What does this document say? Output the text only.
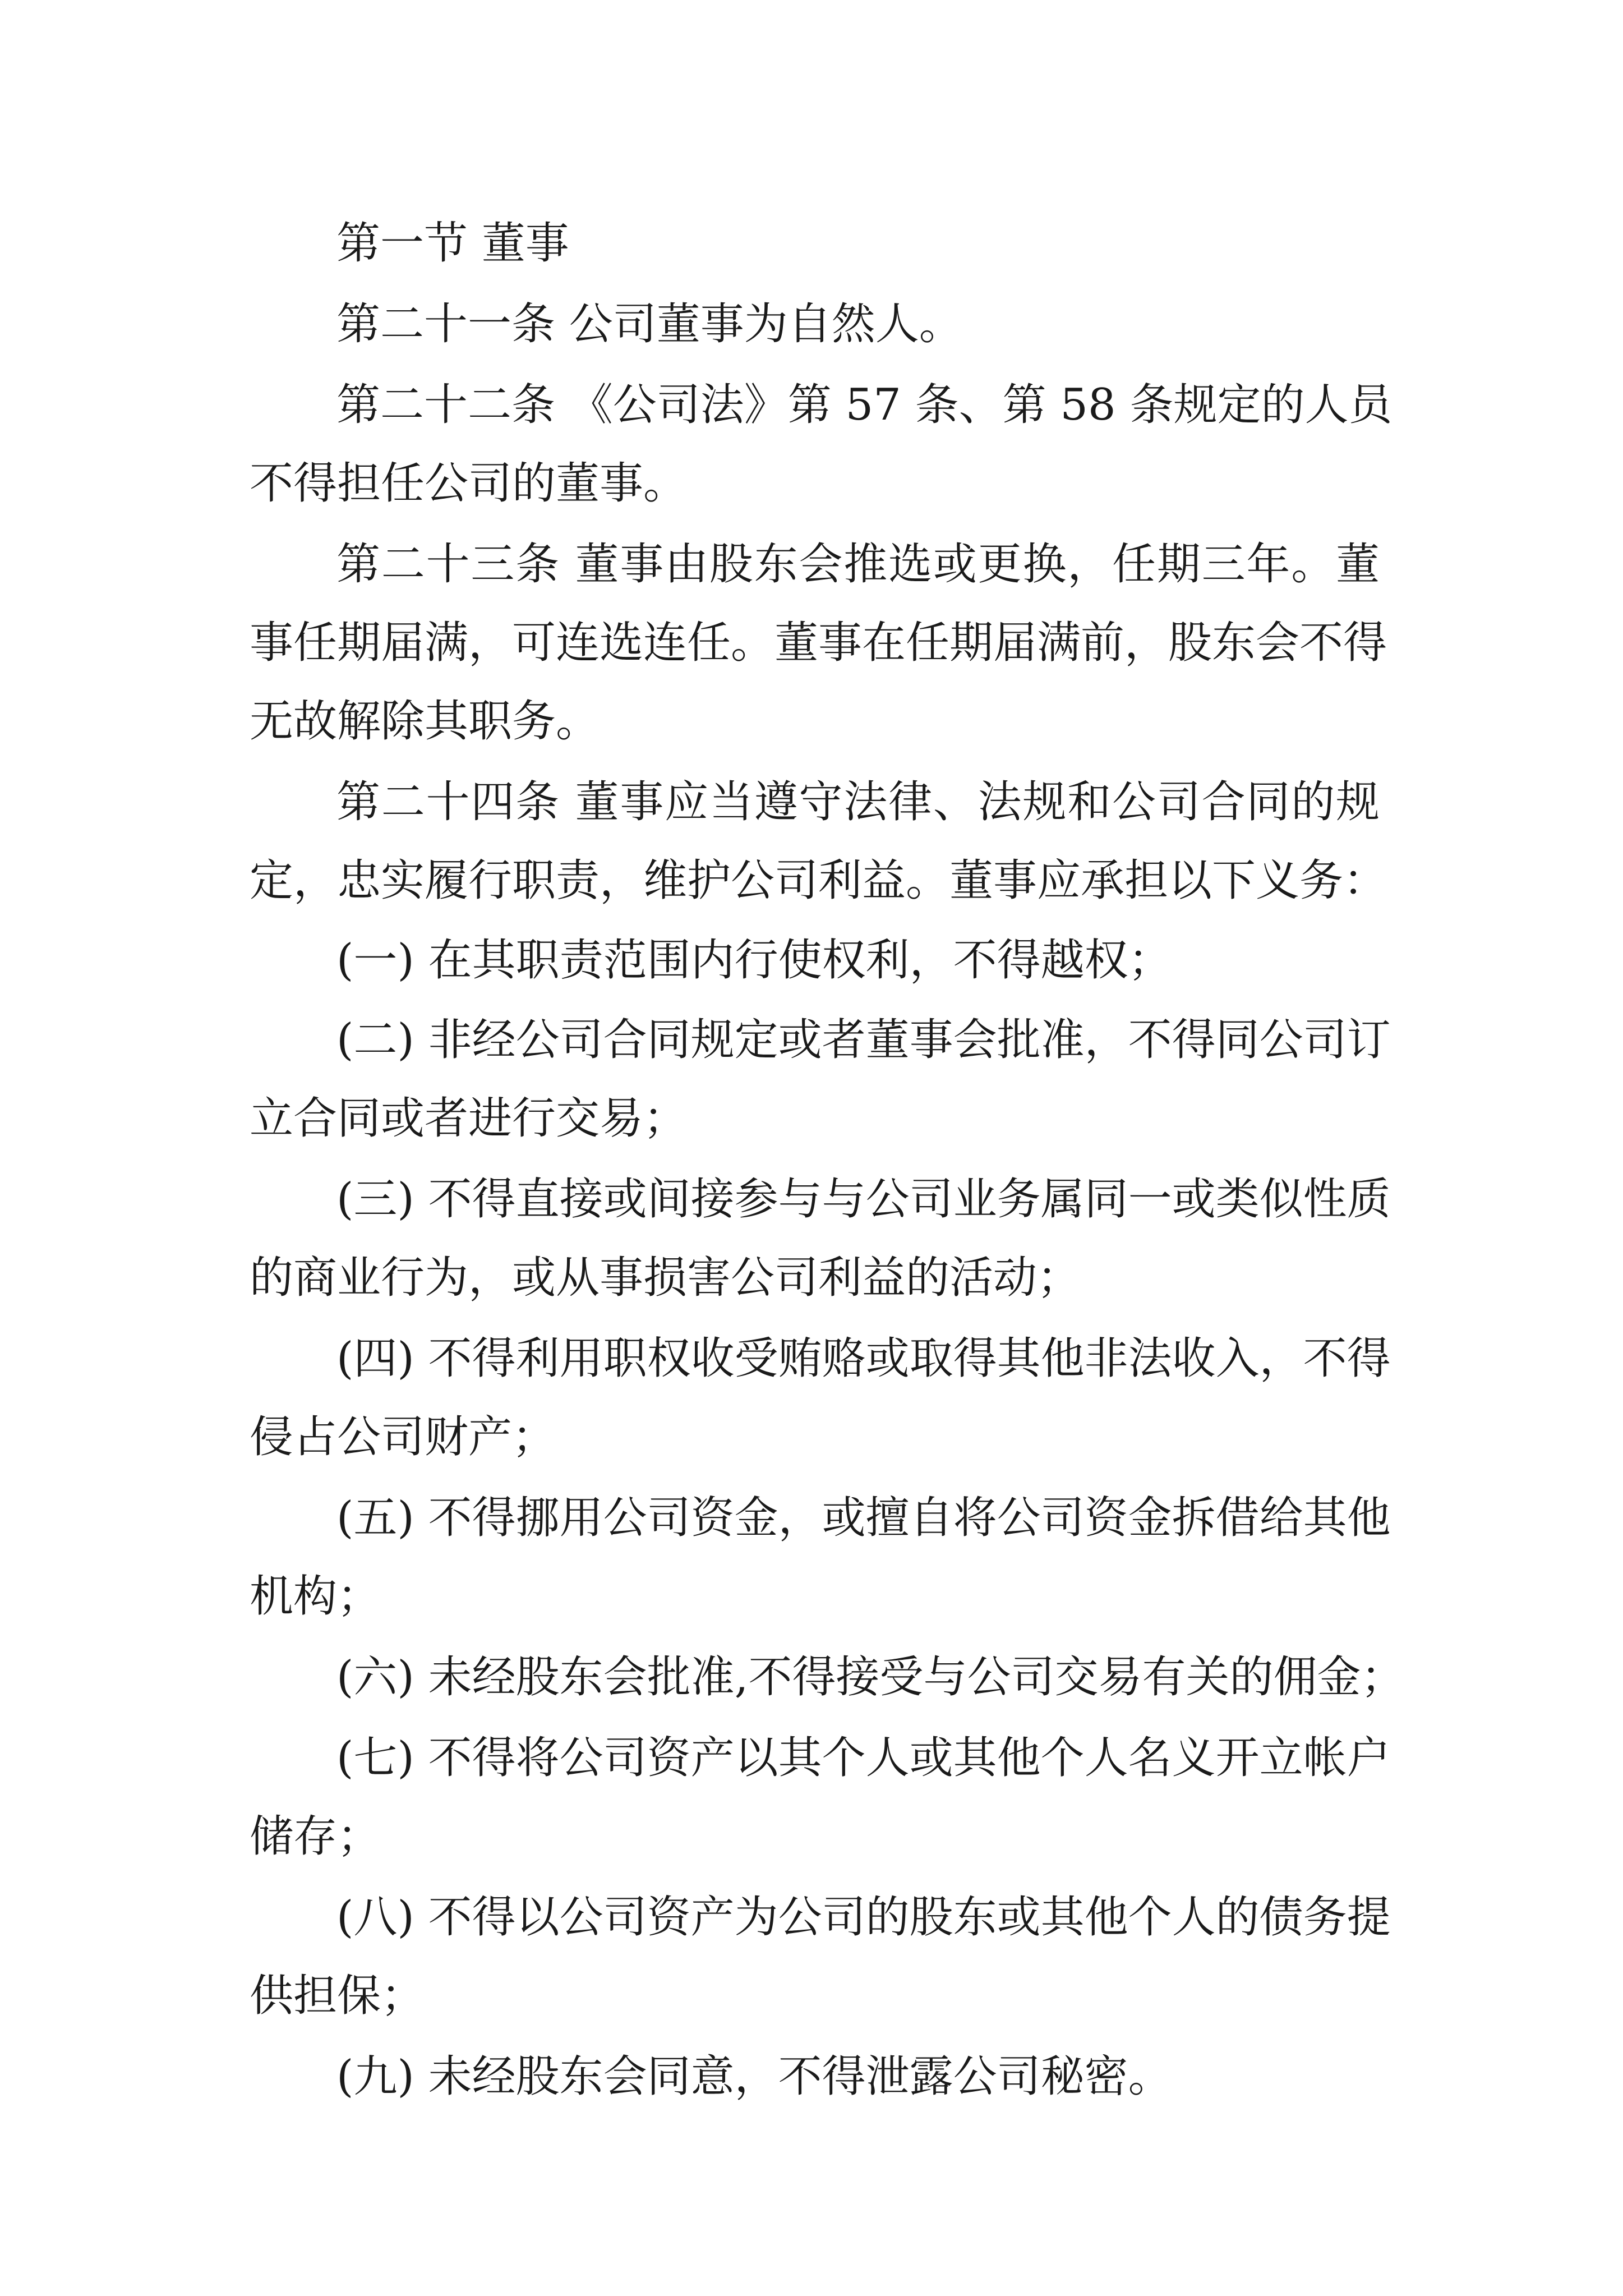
第一节 董事
第二十一条 公司董事为自然人。
第二十二条 《公司法》第 57 条、第 58 条规定的人员
不得担任公司的董事。
第二十三条 董事由股东会推选或更换，任期三年。董
事任期届满，可连选连任。董事在任期届满前，股东会不得
无故解除其职务。
第二十四条 董事应当遵守法律、法规和公司合同的规
定，忠实履行职责，维护公司利益。董事应承担以下义务：
(一) 在其职责范围内行使权利，不得越权；
(二) 非经公司合同规定或者董事会批准，不得同公司订
立合同或者进行交易；
(三) 不得直接或间接参与与公司业务属同一或类似性质
的商业行为，或从事损害公司利益的活动；
(四) 不得利用职权收受贿赂或取得其他非法收入，不得
侵占公司财产；
(五) 不得挪用公司资金，或擅自将公司资金拆借给其他
机构；
(六) 未经股东会批准,不得接受与公司交易有关的佣金；
(七) 不得将公司资产以其个人或其他个人名义开立帐户
储存；
(八) 不得以公司资产为公司的股东或其他个人的债务提
供担保；
(九) 未经股东会同意，不得泄露公司秘密。
